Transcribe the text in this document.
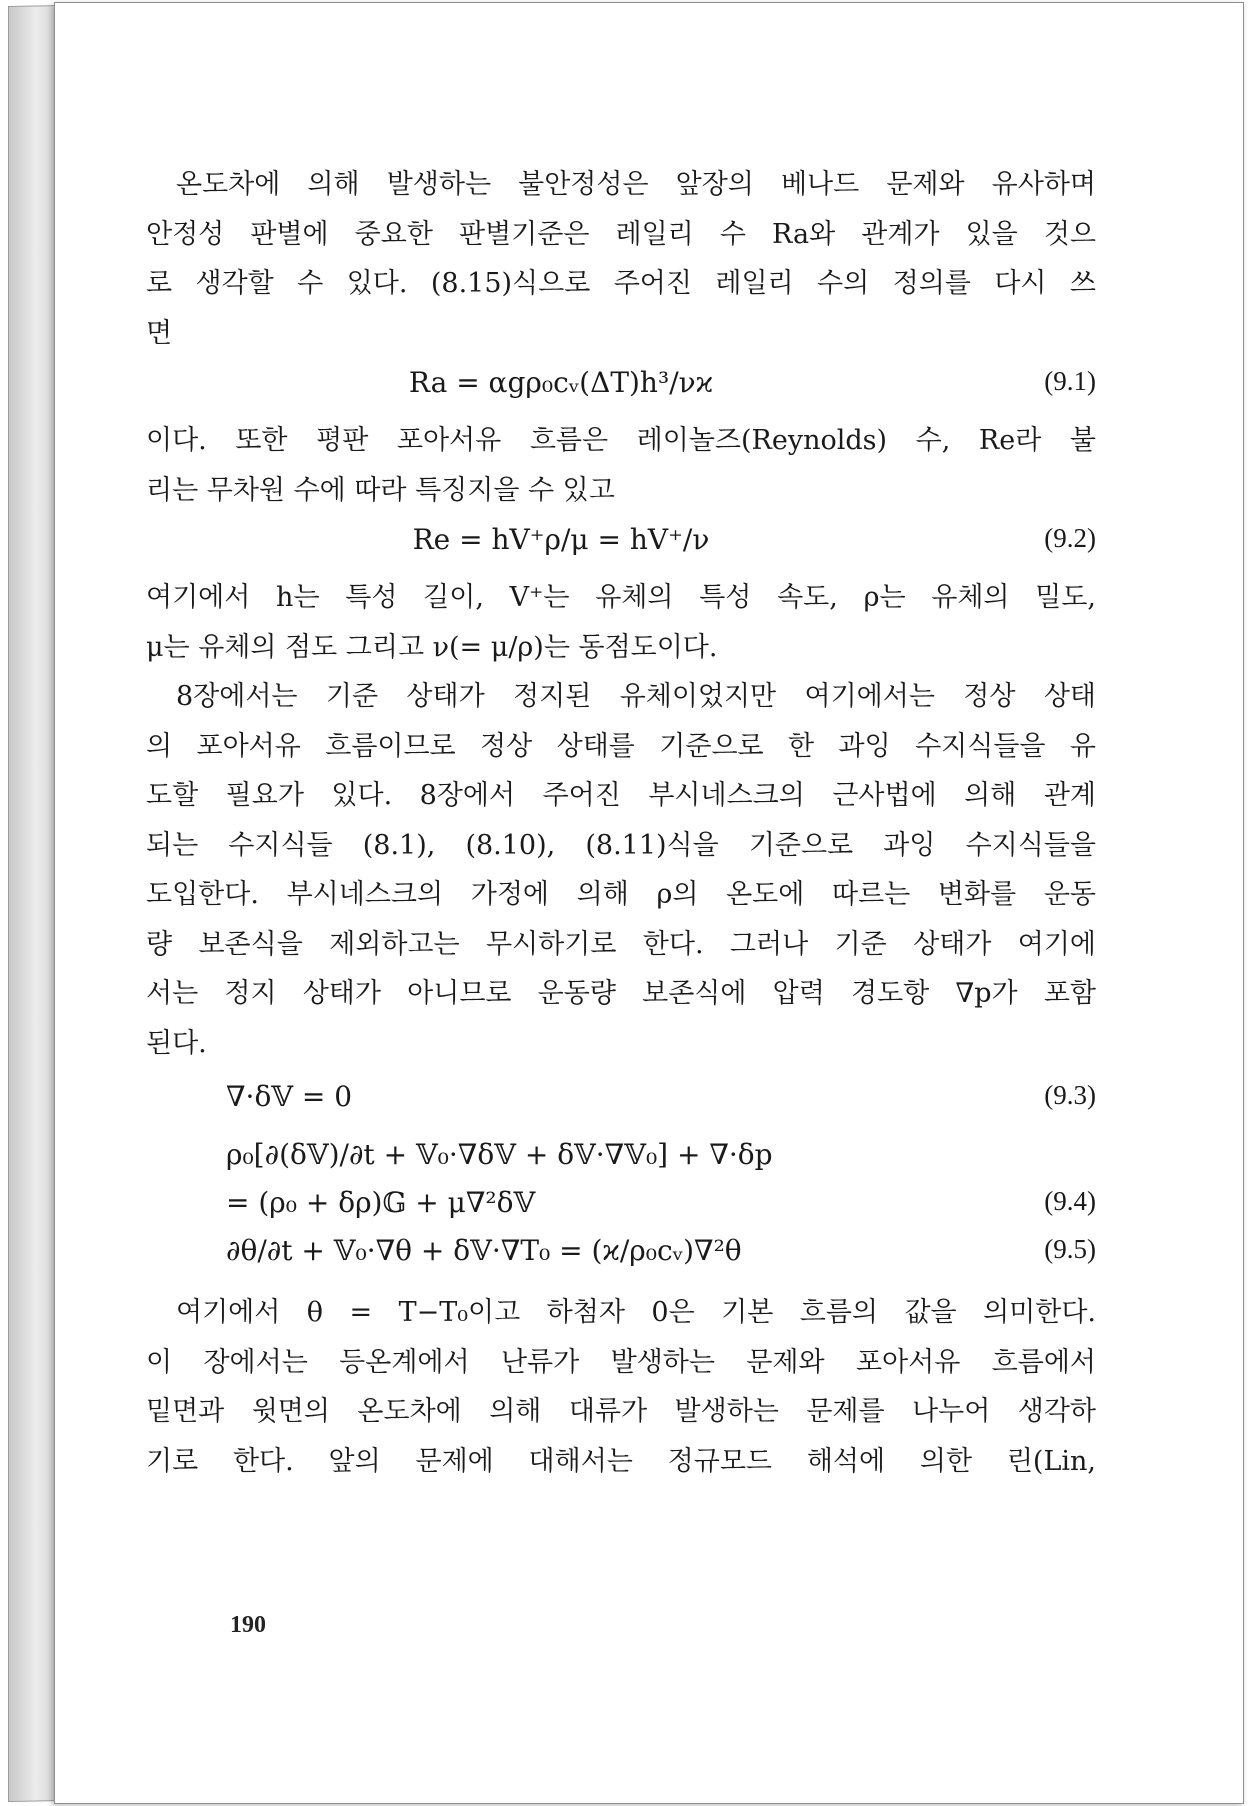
온도차에 의해 발생하는 불안정성은 앞장의 베나드 문제와 유사하며
안정성 판별에 중요한 판별기준은 레일리 수 Ra와 관계가 있을 것으
로 생각할 수 있다. (8.15)식으로 주어진 레일리 수의 정의를 다시 쓰
면
Ra = αgρ₀cᵥ(ΔT)h³/νϰ	(9.1)
이다. 또한 평판 포아서유 흐름은 레이놀즈(Reynolds) 수, Re라 불
리는 무차원 수에 따라 특징지을 수 있고
Re = hV⁺ρ/μ = hV⁺/ν	(9.2)
여기에서 h는 특성 길이, V⁺는 유체의 특성 속도, ρ는 유체의 밀도,
μ는 유체의 점도 그리고 ν(= μ/ρ)는 동점도이다.
8장에서는 기준 상태가 정지된 유체이었지만 여기에서는 정상 상태
의 포아서유 흐름이므로 정상 상태를 기준으로 한 과잉 수지식들을 유
도할 필요가 있다. 8장에서 주어진 부시네스크의 근사법에 의해 관계
되는 수지식들 (8.1), (8.10), (8.11)식을 기준으로 과잉 수지식들을
도입한다. 부시네스크의 가정에 의해 ρ의 온도에 따르는 변화를 운동
량 보존식을 제외하고는 무시하기로 한다. 그러나 기준 상태가 여기에
서는 정지 상태가 아니므로 운동량 보존식에 압력 경도항 ∇p가 포함
된다.
∇·δ𝕍 = 0	(9.3)
ρ₀[∂(δ𝕍)/∂t + 𝕍₀·∇δ𝕍 + δ𝕍·∇𝕍₀] + ∇·δp
= (ρ₀ + δρ)𝔾 + μ∇²δ𝕍	(9.4)
∂θ/∂t + 𝕍₀·∇θ + δ𝕍·∇T₀ = (ϰ/ρ₀cᵥ)∇²θ	(9.5)
여기에서 θ = T−T₀이고 하첨자 0은 기본 흐름의 값을 의미한다.
이 장에서는 등온계에서 난류가 발생하는 문제와 포아서유 흐름에서
밑면과 윗면의 온도차에 의해 대류가 발생하는 문제를 나누어 생각하
기로 한다. 앞의 문제에 대해서는 정규모드 해석에 의한 린(Lin,
190
